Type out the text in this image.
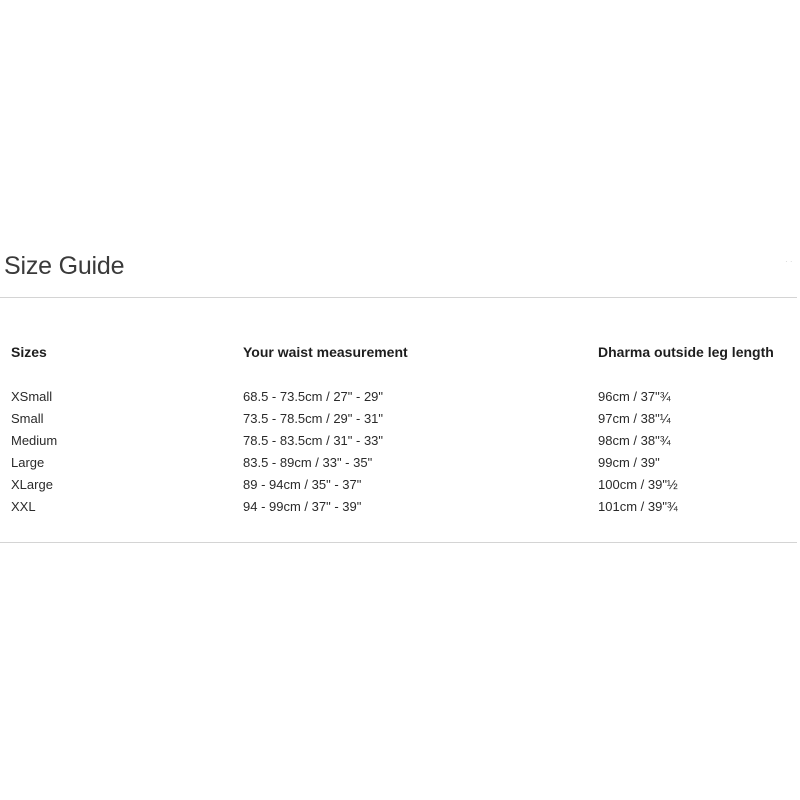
Size Guide	· ·
Sizes	Your waist measurement	Dharma outside leg length
XSmall	68.5 - 73.5cm / 27" - 29"	96cm / 37"¾
Small	73.5 - 78.5cm / 29" - 31"	97cm / 38"¼
Medium	78.5 - 83.5cm / 31" - 33"	98cm / 38"¾
Large	83.5 - 89cm / 33" - 35"	99cm / 39"
XLarge	89 - 94cm / 35" - 37"	100cm / 39"½
XXL	94 - 99cm / 37" - 39"	101cm / 39"¾
